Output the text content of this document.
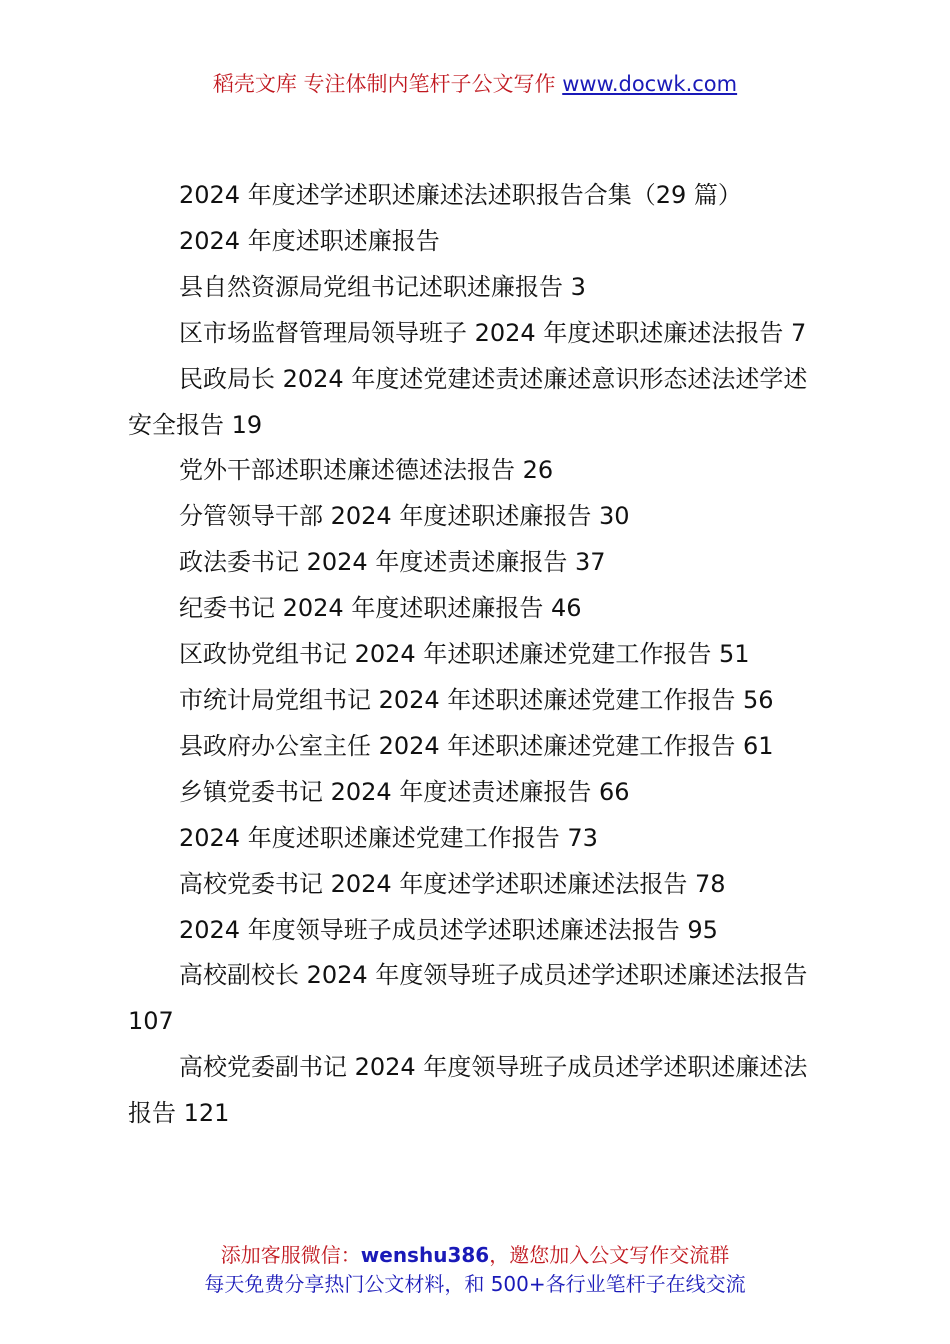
稻壳文库 专注体制内笔杆子公文写作 www.docwk.com
2024 年度述学述职述廉述法述职报告合集（29 篇）
2024 年度述职述廉报告
县自然资源局党组书记述职述廉报告 3
区市场监督管理局领导班子 2024 年度述职述廉述法报告 7
民政局长 2024 年度述党建述责述廉述意识形态述法述学述安全报告 19
党外干部述职述廉述德述法报告 26
分管领导干部 2024 年度述职述廉报告 30
政法委书记 2024 年度述责述廉报告 37
纪委书记 2024 年度述职述廉报告 46
区政协党组书记 2024 年述职述廉述党建工作报告 51
市统计局党组书记 2024 年述职述廉述党建工作报告 56
县政府办公室主任 2024 年述职述廉述党建工作报告 61
乡镇党委书记 2024 年度述责述廉报告 66
2024 年度述职述廉述党建工作报告 73
高校党委书记 2024 年度述学述职述廉述法报告 78
2024 年度领导班子成员述学述职述廉述法报告 95
高校副校长 2024 年度领导班子成员述学述职述廉述法报告 107
高校党委副书记 2024 年度领导班子成员述学述职述廉述法报告 121
添加客服微信：wenshu386，邀您加入公文写作交流群
每天免费分享热门公文材料，和 500+各行业笔杆子在线交流
